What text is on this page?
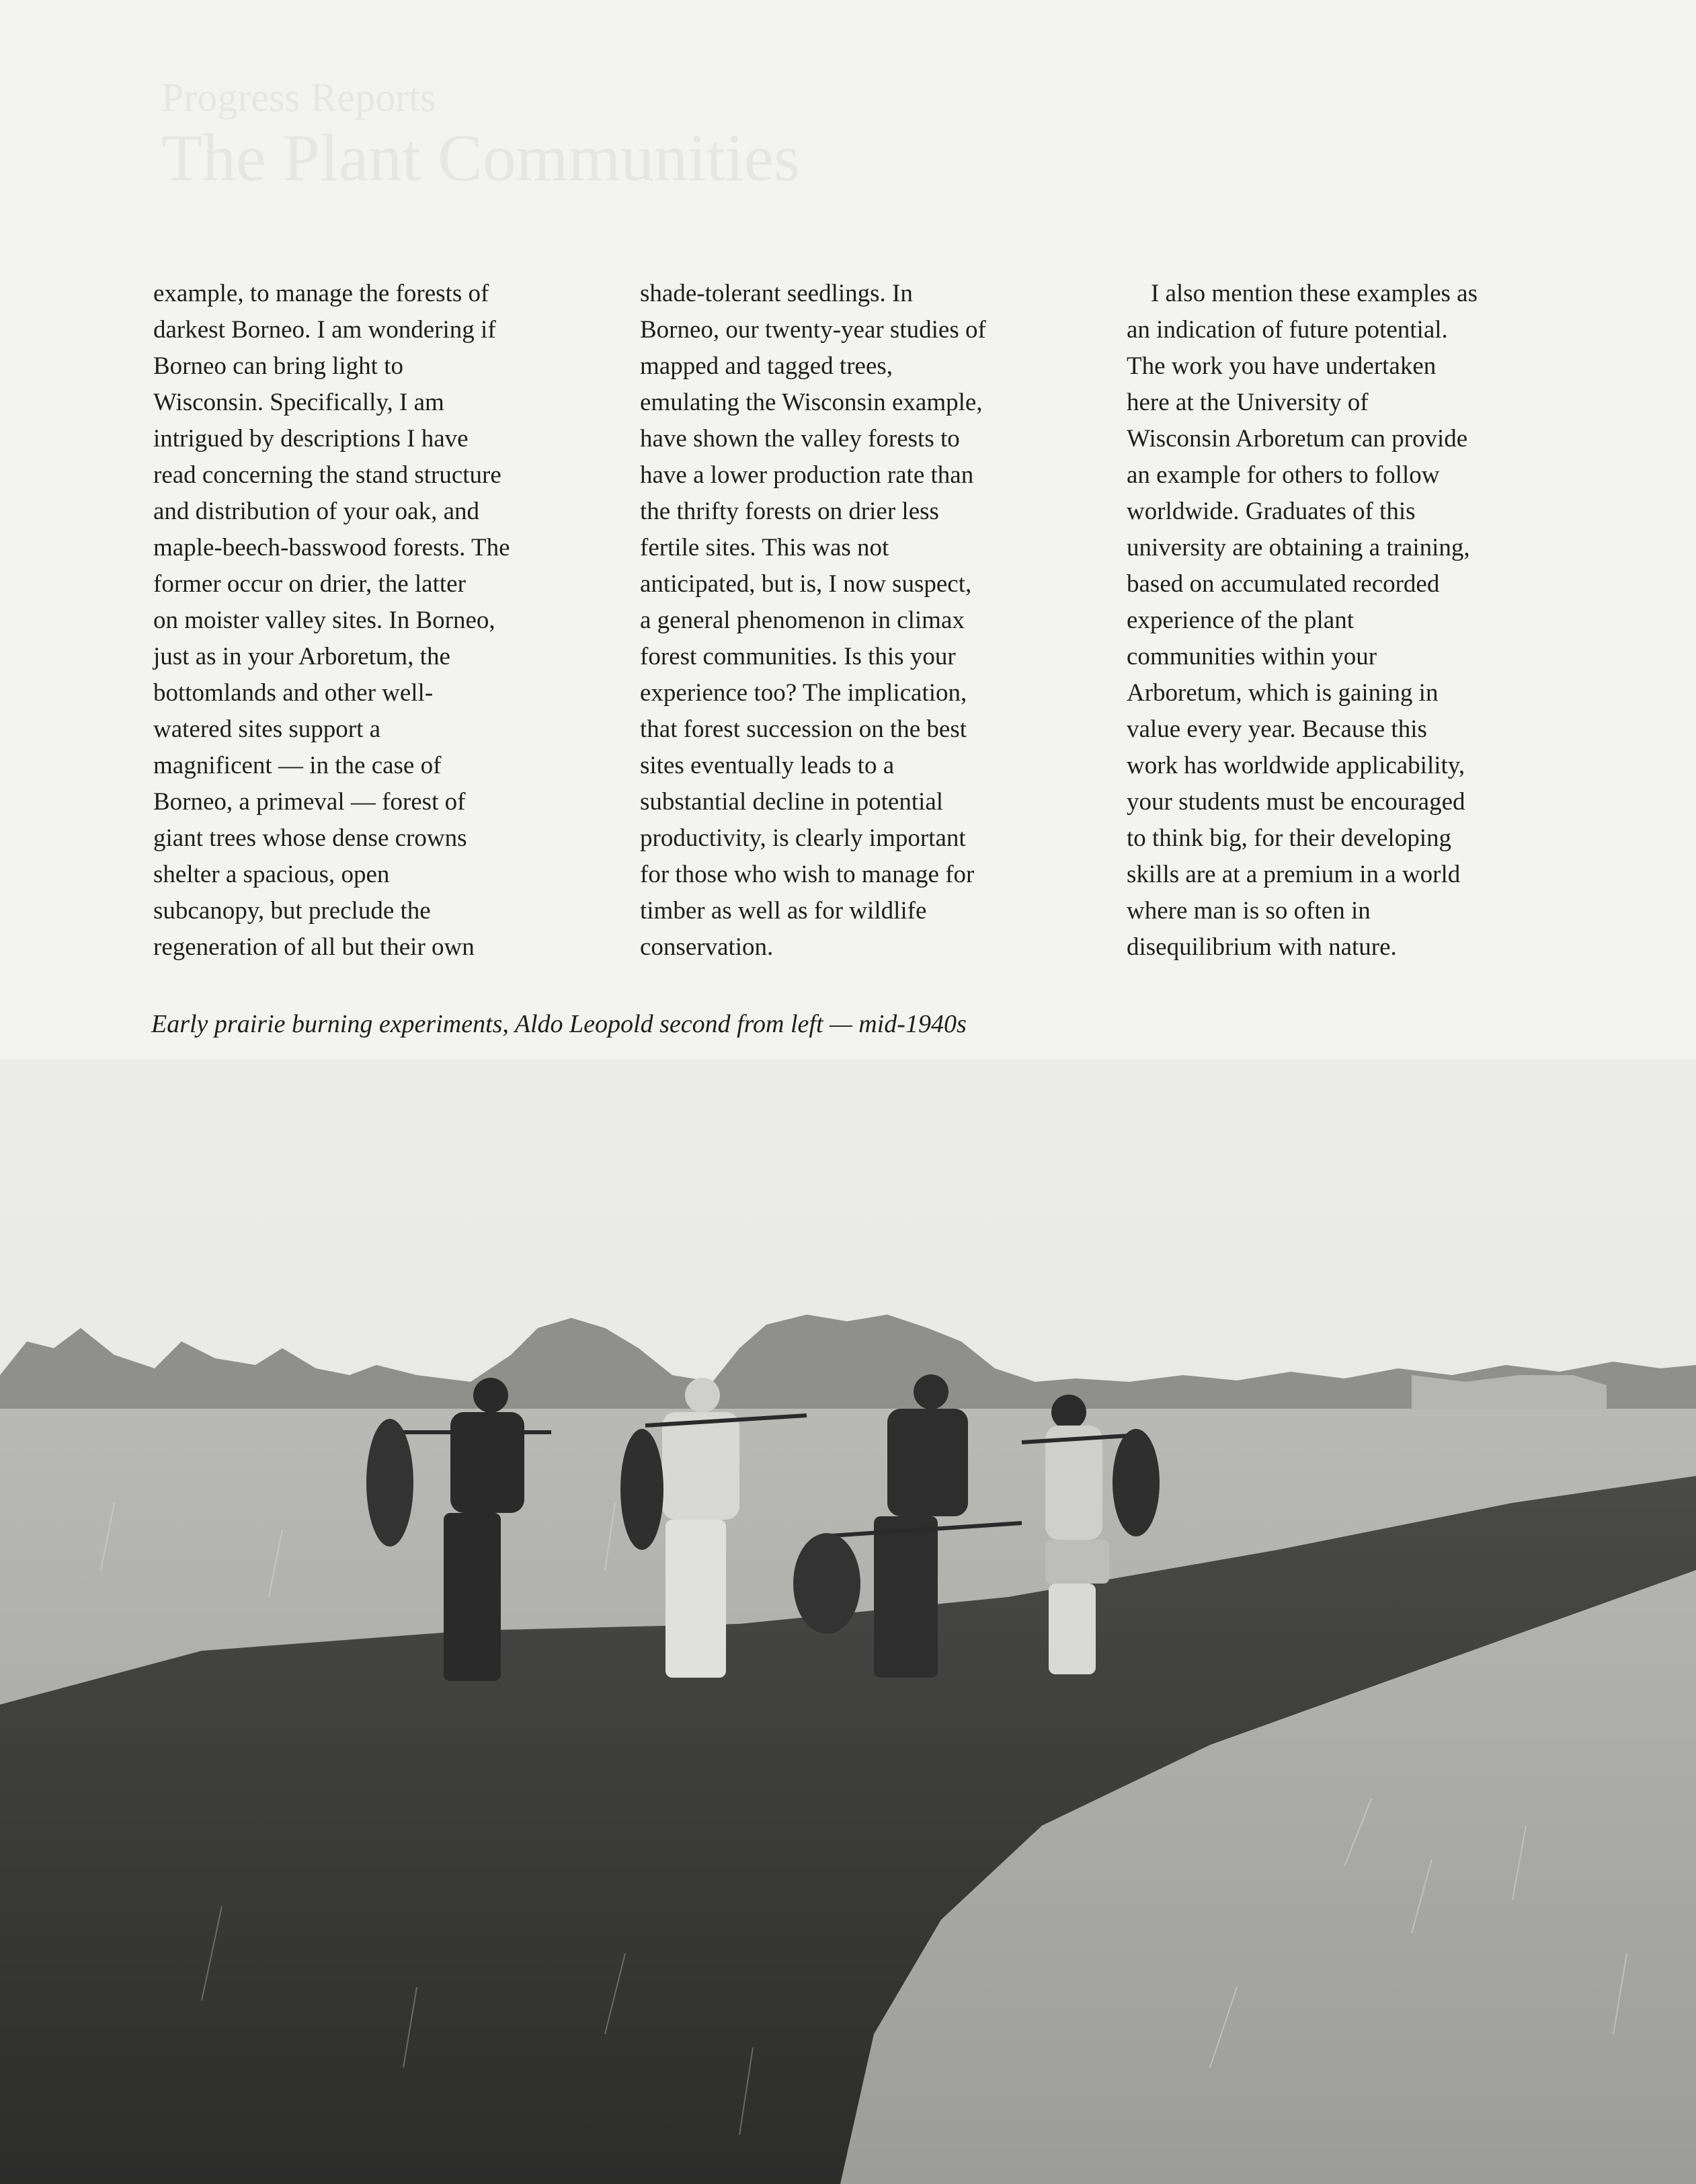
Progress Reports
The Plant Communities

example, to manage the forests of
darkest Borneo. I am wondering if
Borneo can bring light to
Wisconsin. Specifically, I am
intrigued by descriptions I have
read concerning the stand structure
and distribution of your oak, and
maple-beech-basswood forests. The
former occur on drier, the latter
on moister valley sites. In Borneo,
just as in your Arboretum, the
bottomlands and other well-
watered sites support a
magnificent — in the case of
Borneo, a primeval — forest of
giant trees whose dense crowns
shelter a spacious, open
subcanopy, but preclude the
regeneration of all but their own

shade-tolerant seedlings. In
Borneo, our twenty-year studies of
mapped and tagged trees,
emulating the Wisconsin example,
have shown the valley forests to
have a lower production rate than
the thrifty forests on drier less
fertile sites. This was not
anticipated, but is, I now suspect,
a general phenomenon in climax
forest communities. Is this your
experience too? The implication,
that forest succession on the best
sites eventually leads to a
substantial decline in potential
productivity, is clearly important
for those who wish to manage for
timber as well as for wildlife
conservation.

I also mention these examples as
an indication of future potential.
The work you have undertaken
here at the University of
Wisconsin Arboretum can provide
an example for others to follow
worldwide. Graduates of this
university are obtaining a training,
based on accumulated recorded
experience of the plant
communities within your
Arboretum, which is gaining in
value every year. Because this
work has worldwide applicability,
your students must be encouraged
to think big, for their developing
skills are at a premium in a world
where man is so often in
disequilibrium with nature.

Early prairie burning experiments, Aldo Leopold second from left — mid-1940s
